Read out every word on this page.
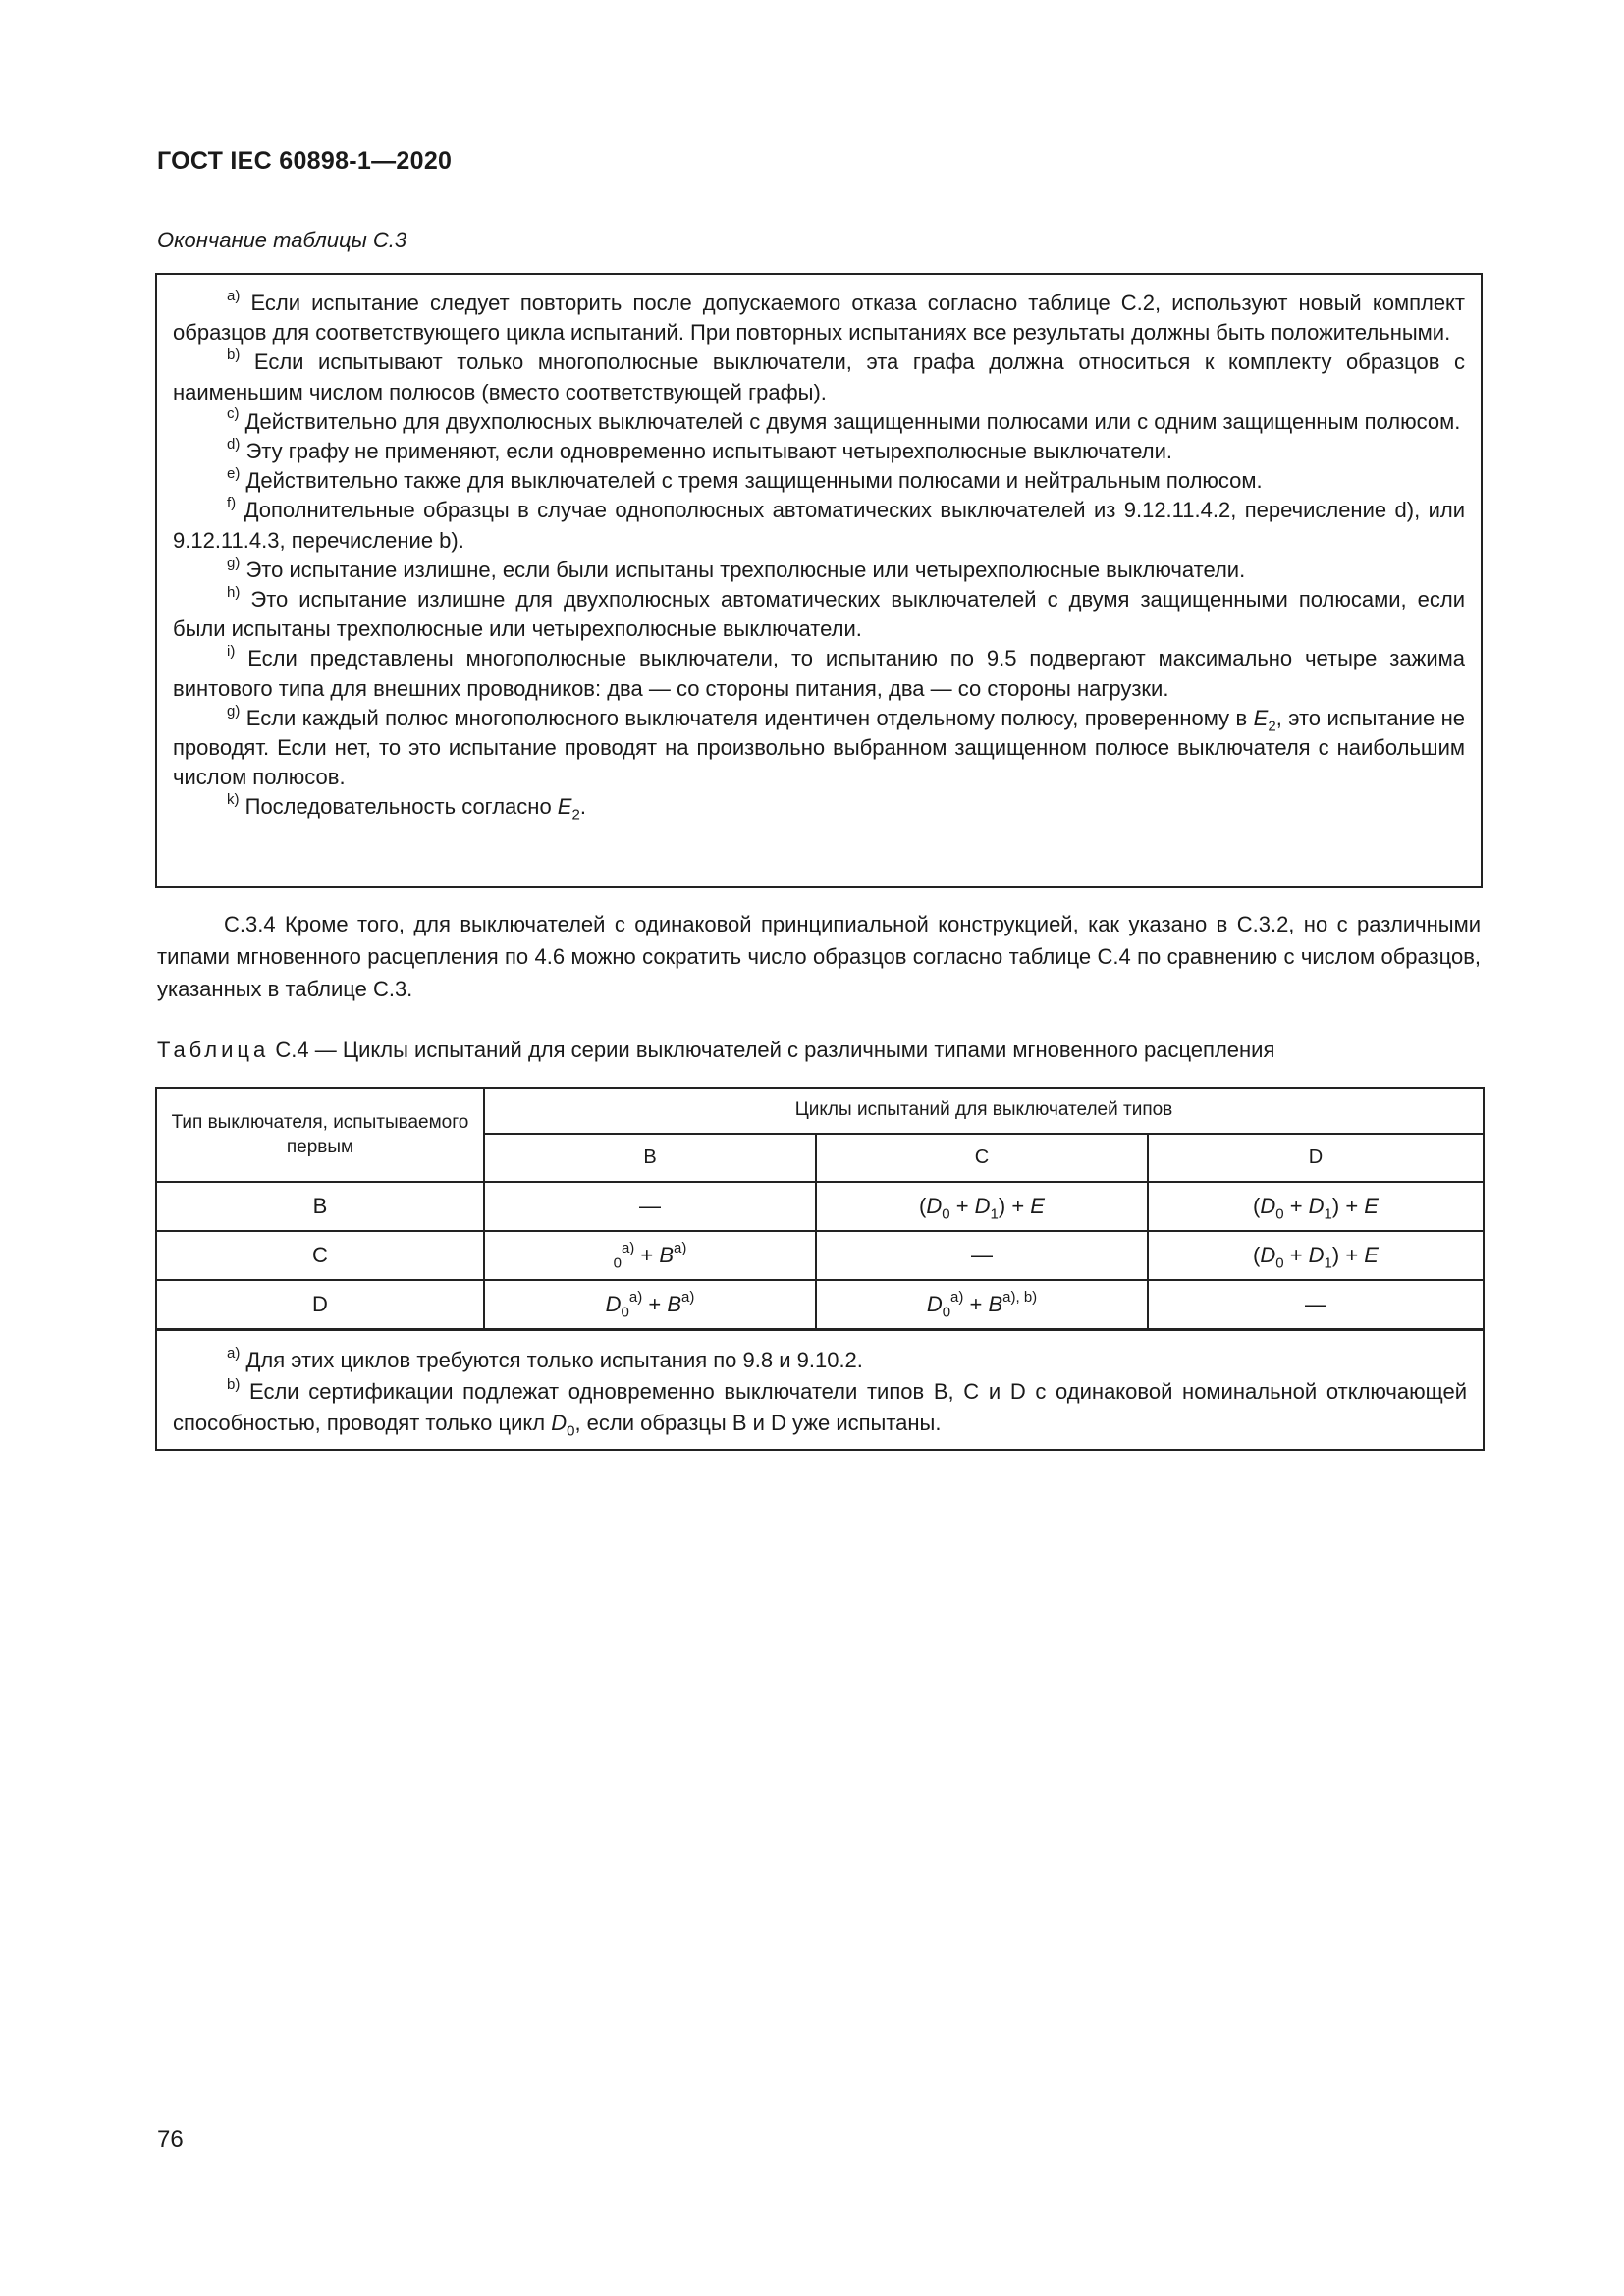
ГОСТ IEC 60898-1—2020
Окончание таблицы C.3

$^{a)}$ Если испытание следует повторить после допускаемого отказа согласно таблице C.2, используют новый комплект образцов для соответствующего цикла испытаний. При повторных испытаниях все результаты должны быть положительными.

$^{b)}$ Если испытывают только многополюсные выключатели, эта графа должна относиться к комплекту образцов с наименьшим числом полюсов (вместо соответствующей графы).

$^{c)}$ Действительно для двухполюсных выключателей с двумя защищенными полюсами или с одним защищенным полюсом.

$^{d)}$ Эту графу не применяют, если одновременно испытывают четырехполюсные выключатели.

$^{e)}$ Действительно также для выключателей с тремя защищенными полюсами и нейтральным полюсом.

$^{f)}$ Дополнительные образцы в случае однополюсных автоматических выключателей из 9.12.11.4.2, перечисление d), или 9.12.11.4.3, перечисление b).

$^{g)}$ Это испытание излишне, если были испытаны трехполюсные или четырехполюсные выключатели.

$^{h)}$ Это испытание излишне для двухполюсных автоматических выключателей с двумя защищенными полюсами, если были испытаны трехполюсные или четырехполюсные выключатели.

$^{i)}$ Если представлены многополюсные выключатели, то испытанию по 9.5 подвергают максимально четыре зажима винтового типа для внешних проводников: два — со стороны питания, два — со стороны нагрузки.

$^{g)}$ Если каждый полюс многополюсного выключателя идентичен отдельному полюсу, проверенному в $E_2$, это испытание не проводят. Если нет, то это испытание проводят на произвольно выбранном защищенном полюсе выключателя с наибольшим числом полюсов.

$^{k)}$ Последовательность согласно $E_2$.

C.3.4 Кроме того, для выключателей с одинаковой принципиальной конструкцией, как указано в C.3.2, но с различными типами мгновенного расцепления по 4.6 можно сократить число образцов согласно таблице C.4 по сравнению с числом образцов, указанных в таблице C.3.

Таблица C.4 — Циклы испытаний для серии выключателей с различными типами мгновенного расцепления
Тип выключателя, испытываемого первым	Циклы испытаний для выключателей типов		
	B	C	D
B	—	$(D_0 + D_1) + E$	$(D_0 + D_1) + E$
C	$_0^{a)} + B^{a)}$	—	$(D_0 + D_1) + E$
D	$D_0^{a)} + B^{a)}$	$D_0^{a)} + B^{a), b)}$	—

$^{a)}$ Для этих циклов требуются только испытания по 9.8 и 9.10.2.

$^{b)}$ Если сертификации подлежат одновременно выключатели типов B, C и D с одинаковой номинальной отключающей способностью, проводят только цикл $D_0$, если образцы B и D уже испытаны.			

76
